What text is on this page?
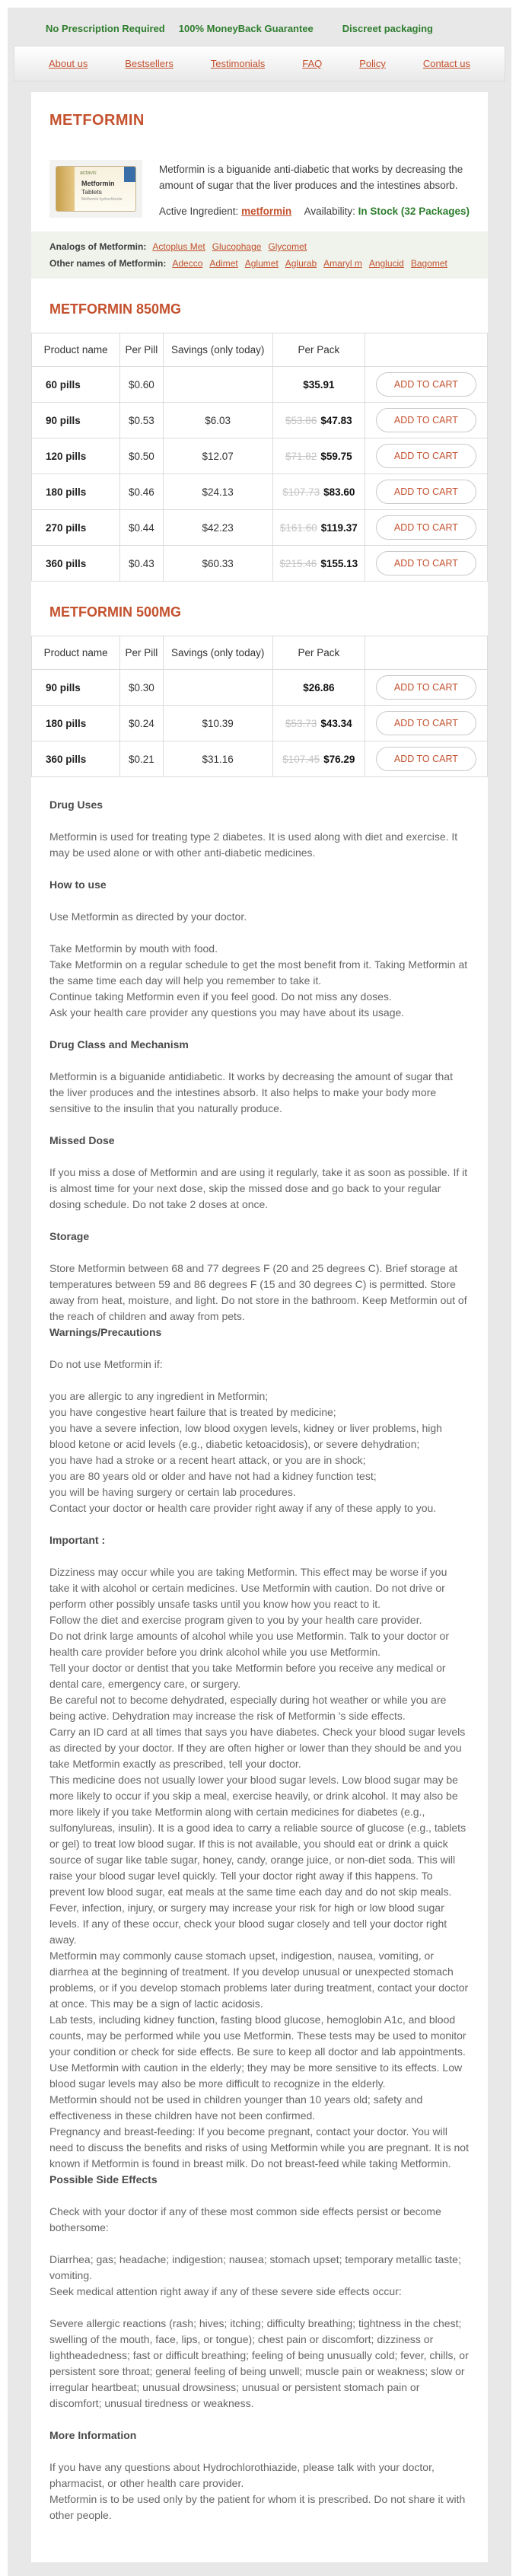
No Prescription Required 100% MoneyBack Guarantee	Discreet packaging
About us	Bestsellers	Testimonials	FAQ	Policy	Contact us
METFORMIN
actavis
Metformin
Tablets
Metformin hydrochloride

Metformin is a biguanide anti-diabetic that works by decreasing the amount of sugar that the liver produces and the intestines absorb.

Active Ingredient: metformin Availability: In Stock (32 Packages)
Analogs of Metformin: Actoplus Met Glucophage Glycomet
Other names of Metformin: Adecco Adimet Aglumet Aglurab Amaryl m Anglucid Bagomet
METFORMIN 850MG
Product name	Per Pill	Savings (only today)	Per Pack	
60 pills	$0.60		$35.91	ADD TO CART
90 pills	$0.53	$6.03	$53.86 $47.83	ADD TO CART
120 pills	$0.50	$12.07	$71.82 $59.75	ADD TO CART
180 pills	$0.46	$24.13	$107.73 $83.60	ADD TO CART
270 pills	$0.44	$42.23	$161.60 $119.37	ADD TO CART
360 pills	$0.43	$60.33	$215.46 $155.13	ADD TO CART
METFORMIN 500MG
Product name	Per Pill	Savings (only today)	Per Pack	
90 pills	$0.30		$26.86	ADD TO CART
180 pills	$0.24	$10.39	$53.73 $43.34	ADD TO CART
360 pills	$0.21	$31.16	$107.45 $76.29	ADD TO CART
Drug Uses
Metformin is used for treating type 2 diabetes. It is used along with diet and exercise. It may be used alone or with other anti-diabetic medicines.
How to use
Use Metformin as directed by your doctor.
Take Metformin by mouth with food.
Take Metformin on a regular schedule to get the most benefit from it. Taking Metformin at the same time each day will help you remember to take it.
Continue taking Metformin even if you feel good. Do not miss any doses.
Ask your health care provider any questions you may have about its usage.
Drug Class and Mechanism
Metformin is a biguanide antidiabetic. It works by decreasing the amount of sugar that the liver produces and the intestines absorb. It also helps to make your body more sensitive to the insulin that you naturally produce.
Missed Dose
If you miss a dose of Metformin and are using it regularly, take it as soon as possible. If it is almost time for your next dose, skip the missed dose and go back to your regular dosing schedule. Do not take 2 doses at once.
Storage
Store Metformin between 68 and 77 degrees F (20 and 25 degrees C). Brief storage at temperatures between 59 and 86 degrees F (15 and 30 degrees C) is permitted. Store away from heat, moisture, and light. Do not store in the bathroom. Keep Metformin out of the reach of children and away from pets.
Warnings/Precautions
Do not use Metformin if:
you are allergic to any ingredient in Metformin;
you have congestive heart failure that is treated by medicine;
you have a severe infection, low blood oxygen levels, kidney or liver problems, high blood ketone or acid levels (e.g., diabetic ketoacidosis), or severe dehydration;
you have had a stroke or a recent heart attack, or you are in shock;
you are 80 years old or older and have not had a kidney function test;
you will be having surgery or certain lab procedures.
Contact your doctor or health care provider right away if any of these apply to you.
Important :
Dizziness may occur while you are taking Metformin. This effect may be worse if you take it with alcohol or certain medicines. Use Metformin with caution. Do not drive or perform other possibly unsafe tasks until you know how you react to it.
Follow the diet and exercise program given to you by your health care provider.
Do not drink large amounts of alcohol while you use Metformin. Talk to your doctor or health care provider before you drink alcohol while you use Metformin.
Tell your doctor or dentist that you take Metformin before you receive any medical or dental care, emergency care, or surgery.
Be careful not to become dehydrated, especially during hot weather or while you are being active. Dehydration may increase the risk of Metformin 's side effects.
Carry an ID card at all times that says you have diabetes. Check your blood sugar levels as directed by your doctor. If they are often higher or lower than they should be and you take Metformin exactly as prescribed, tell your doctor.
This medicine does not usually lower your blood sugar levels. Low blood sugar may be more likely to occur if you skip a meal, exercise heavily, or drink alcohol. It may also be more likely if you take Metformin along with certain medicines for diabetes (e.g., sulfonylureas, insulin). It is a good idea to carry a reliable source of glucose (e.g., tablets or gel) to treat low blood sugar. If this is not available, you should eat or drink a quick source of sugar like table sugar, honey, candy, orange juice, or non-diet soda. This will raise your blood sugar level quickly. Tell your doctor right away if this happens. To prevent low blood sugar, eat meals at the same time each day and do not skip meals.
Fever, infection, injury, or surgery may increase your risk for high or low blood sugar levels. If any of these occur, check your blood sugar closely and tell your doctor right away.
Metformin may commonly cause stomach upset, indigestion, nausea, vomiting, or diarrhea at the beginning of treatment. If you develop unusual or unexpected stomach problems, or if you develop stomach problems later during treatment, contact your doctor at once. This may be a sign of lactic acidosis.
Lab tests, including kidney function, fasting blood glucose, hemoglobin A1c, and blood counts, may be performed while you use Metformin. These tests may be used to monitor your condition or check for side effects. Be sure to keep all doctor and lab appointments.
Use Metformin with caution in the elderly; they may be more sensitive to its effects. Low blood sugar levels may also be more difficult to recognize in the elderly.
Metformin should not be used in children younger than 10 years old; safety and effectiveness in these children have not been confirmed.
Pregnancy and breast-feeding: If you become pregnant, contact your doctor. You will need to discuss the benefits and risks of using Metformin while you are pregnant. It is not known if Metformin is found in breast milk. Do not breast-feed while taking Metformin.
Possible Side Effects
Check with your doctor if any of these most common side effects persist or become bothersome:
Diarrhea; gas; headache; indigestion; nausea; stomach upset; temporary metallic taste; vomiting.
Seek medical attention right away if any of these severe side effects occur:
Severe allergic reactions (rash; hives; itching; difficulty breathing; tightness in the chest; swelling of the mouth, face, lips, or tongue); chest pain or discomfort; dizziness or lightheadedness; fast or difficult breathing; feeling of being unusually cold; fever, chills, or persistent sore throat; general feeling of being unwell; muscle pain or weakness; slow or irregular heartbeat; unusual drowsiness; unusual or persistent stomach pain or discomfort; unusual tiredness or weakness.
More Information
If you have any questions about Hydrochlorothiazide, please talk with your doctor, pharmacist, or other health care provider.
Metformin is to be used only by the patient for whom it is prescribed. Do not share it with other people.
